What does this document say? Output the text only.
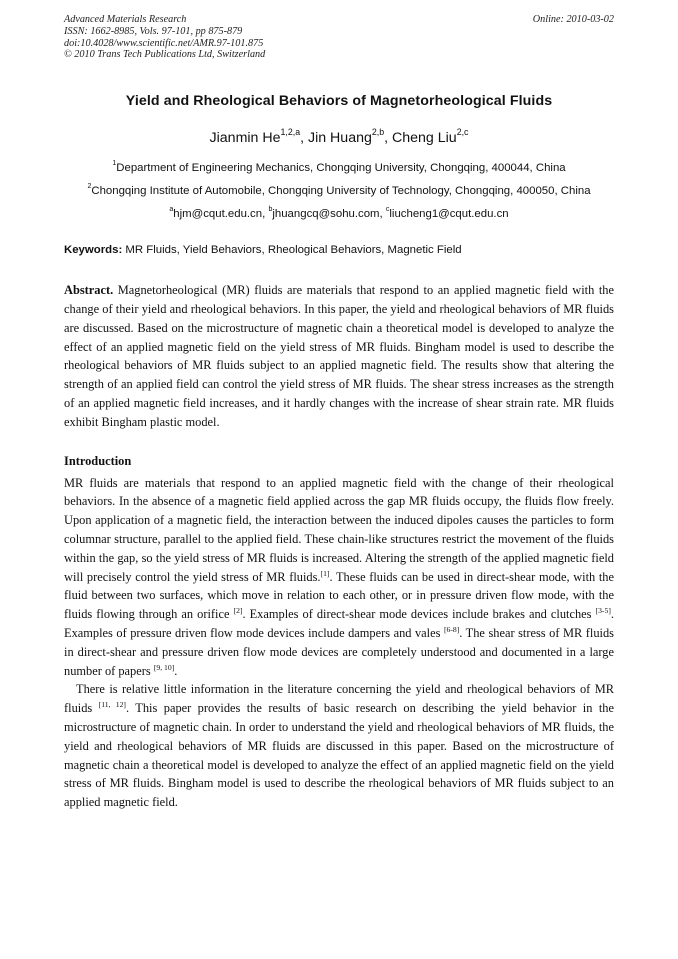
Advanced Materials Research
ISSN: 1662-8985, Vols. 97-101, pp 875-879
doi:10.4028/www.scientific.net/AMR.97-101.875
© 2010 Trans Tech Publications Ltd, Switzerland
Online: 2010-03-02
Yield and Rheological Behaviors of Magnetorheological Fluids
Jianmin He$^{1,2,a}$, Jin Huang$^{2,b}$, Cheng Liu$^{2,c}$
$^1$Department of Engineering Mechanics, Chongqing University, Chongqing, 400044, China
$^2$Chongqing Institute of Automobile, Chongqing University of Technology, Chongqing, 400050, China
$^a$hjm@cqut.edu.cn, $^b$jhuangcq@sohu.com, $^c$liucheng1@cqut.edu.cn
Keywords: MR Fluids, Yield Behaviors, Rheological Behaviors, Magnetic Field

Abstract. Magnetorheological (MR) fluids are materials that respond to an applied magnetic field with the change of their yield and rheological behaviors. In this paper, the yield and rheological behaviors of MR fluids are discussed. Based on the microstructure of magnetic chain a theoretical model is developed to analyze the effect of an applied magnetic field on the yield stress of MR fluids. Bingham model is used to describe the rheological behaviors of MR fluids subject to an applied magnetic field. The results show that altering the strength of an applied field can control the yield stress of MR fluids. The shear stress increases as the strength of an applied magnetic field increases, and it hardly changes with the increase of shear strain rate. MR fluids exhibit Bingham plastic model.

Introduction

MR fluids are materials that respond to an applied magnetic field with the change of their rheological behaviors. In the absence of a magnetic field applied across the gap MR fluids occupy, the fluids flow freely. Upon application of a magnetic field, the interaction between the induced dipoles causes the particles to form columnar structure, parallel to the applied field. These chain-like structures restrict the movement of the fluids within the gap, so the yield stress of MR fluids is increased. Altering the strength of the applied magnetic field will precisely control the yield stress of MR fluids.[1]. These fluids can be used in direct-shear mode, with the fluid between two surfaces, which move in relation to each other, or in pressure driven flow mode, with the fluids flowing through an orifice [2]. Examples of direct-shear mode devices include brakes and clutches [3-5]. Examples of pressure driven flow mode devices include dampers and vales [6-8]. The shear stress of MR fluids in direct-shear and pressure driven flow mode devices are completely understood and documented in a large number of papers [9, 10].

There is relative little information in the literature concerning the yield and rheological behaviors of MR fluids [11, 12]. This paper provides the results of basic research on describing the yield behavior in the microstructure of magnetic chain. In order to understand the yield and rheological behaviors of MR fluids, the yield and rheological behaviors of MR fluids are discussed in this paper. Based on the microstructure of magnetic chain a theoretical model is developed to analyze the effect of an applied magnetic field on the yield stress of MR fluids. Bingham model is used to describe the rheological behaviors of MR fluids subject to an applied magnetic field.
